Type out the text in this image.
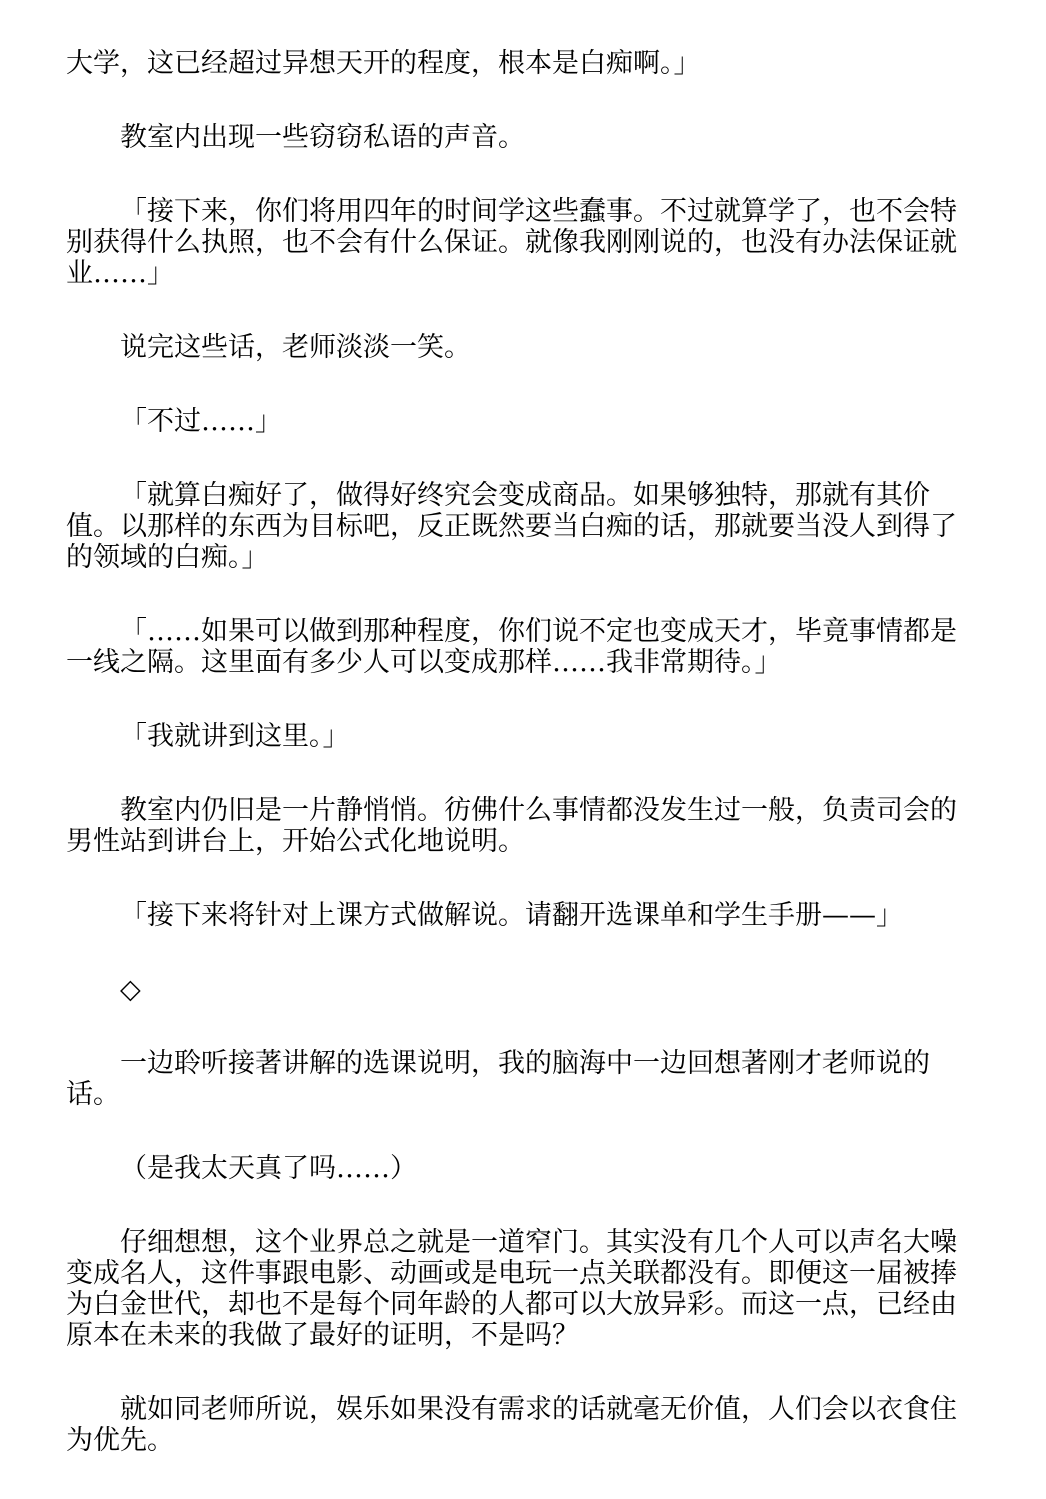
大学，这已经超过异想天开的程度，根本是白痴啊。」

教室内出现一些窃窃私语的声音。

「接下来，你们将用四年的时间学这些蠢事。不过就算学了，也不会特别获得什么执照，也不会有什么保证。就像我刚刚说的，也没有办法保证就业……」

说完这些话，老师淡淡一笑。

「不过……」

「就算白痴好了，做得好终究会变成商品。如果够独特，那就有其价值。以那样的东西为目标吧，反正既然要当白痴的话，那就要当没人到得了的领域的白痴。」

「……如果可以做到那种程度，你们说不定也变成天才，毕竟事情都是一线之隔。这里面有多少人可以变成那样……我非常期待。」

「我就讲到这里。」

教室内仍旧是一片静悄悄。彷佛什么事情都没发生过一般，负责司会的男性站到讲台上，开始公式化地说明。

「接下来将针对上课方式做解说。请翻开选课单和学生手册——」

◇

一边聆听接著讲解的选课说明，我的脑海中一边回想著刚才老师说的话。

（是我太天真了吗……）

仔细想想，这个业界总之就是一道窄门。其实没有几个人可以声名大噪变成名人，这件事跟电影、动画或是电玩一点关联都没有。即便这一届被捧为白金世代，却也不是每个同年龄的人都可以大放异彩。而这一点，已经由原本在未来的我做了最好的证明，不是吗？

就如同老师所说，娱乐如果没有需求的话就毫无价值，人们会以衣食住为优先。
